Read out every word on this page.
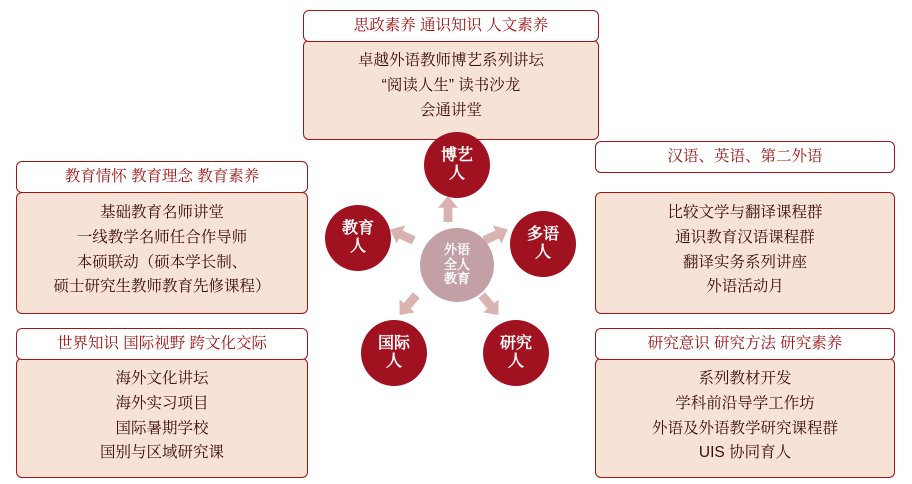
卓越外语教师博艺系列讲坛
“阅读人生” 读书沙龙
会通讲堂
思政素养 通识知识 人文素养
基础教育名师讲堂
一线教学名师任合作导师
本硕联动（硕本学长制、
硕士研究生教师教育先修课程）
教育情怀 教育理念 教育素养
海外文化讲坛
海外实习项目
国际暑期学校
国别与区域研究课
世界知识 国际视野 跨文化交际
比较文学与翻译课程群
通识教育汉语课程群
翻译实务系列讲座
外语活动月
汉语、英语、第二外语
系列教材开发
学科前沿导学工作坊
外语及外语教学研究课程群
UIS 协同育人
研究意识 研究方法 研究素养
外语
全人
教育
博艺
人
多语
人
研究
人
国际
人
教育
人
